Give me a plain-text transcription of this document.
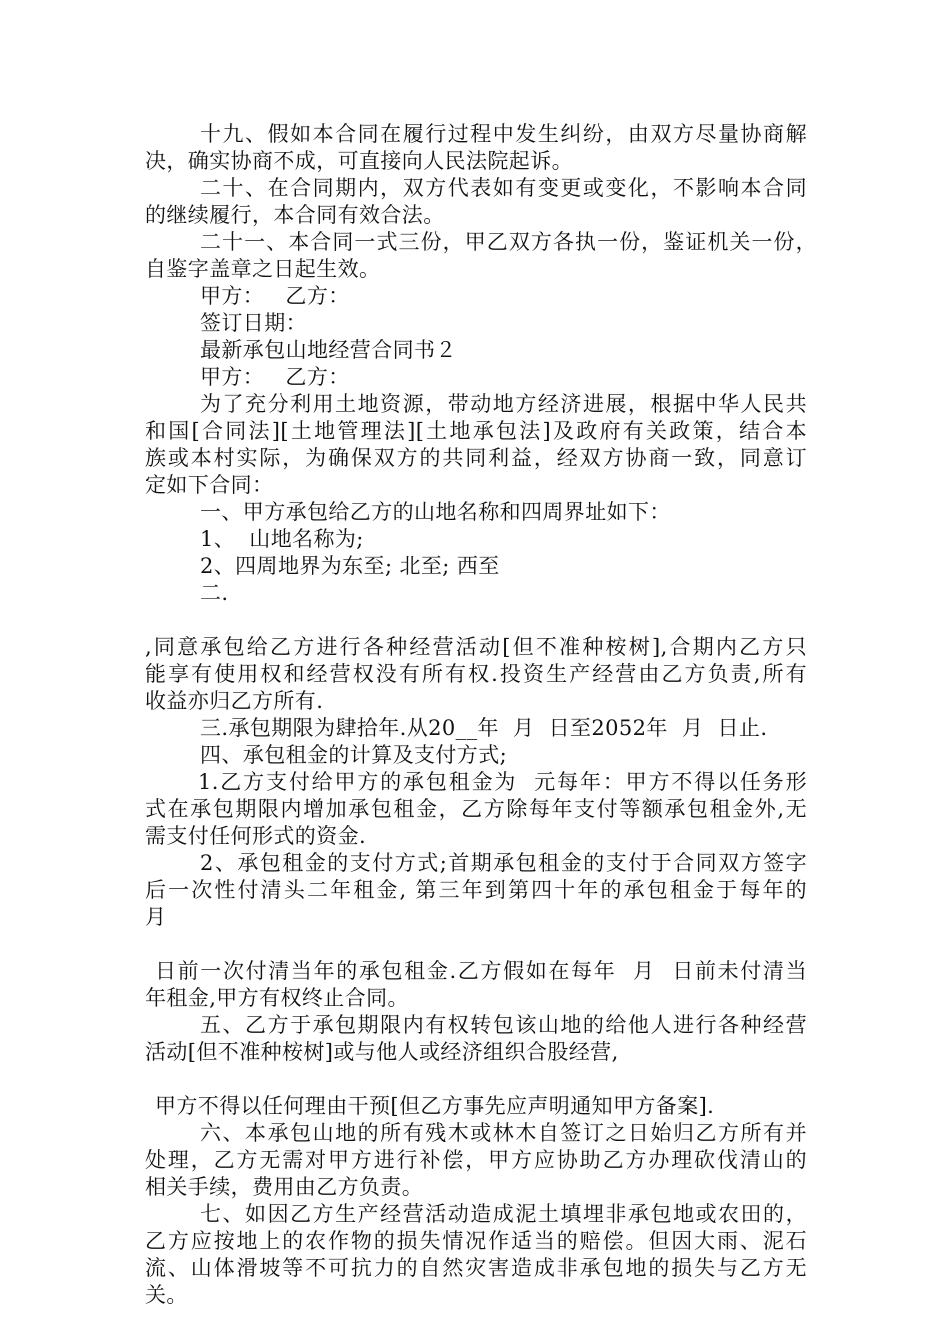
十九、假如本合同在履行过程中发生纠纷，由双方尽量协商解
决，确实协商不成，可直接向人民法院起诉。
二十、在合同期内，双方代表如有变更或变化，不影响本合同
的继续履行，本合同有效合法。
二十一、本合同一式三份，甲乙双方各执一份，鉴证机关一份，
自鉴字盖章之日起生效。
甲方：   乙方：
签订日期：
最新承包山地经营合同书２
甲方：   乙方：
为了充分利用土地资源，带动地方经济进展，根据中华人民共
和国[合同法][土地管理法][土地承包法]及政府有关政策，结合本
族或本村实际，为确保双方的共同利益，经双方协商一致，同意订
定如下合同：
一、甲方承包给乙方的山地名称和四周界址如下：
1、  山地名称为;
2、四周地界为东至; 北至; 西至
二.
,同意承包给乙方进行各种经营活动[但不准种桉树],合期内乙方只
能享有使用权和经营权没有所有权.投资生产经营由乙方负责,所有
收益亦归乙方所有.
三.承包期限为肆拾年.从20__年  月  日至2052年  月  日止.
四、承包租金的计算及支付方式;
1.乙方支付给甲方的承包租金为  元每年：甲方不得以任务形
式在承包期限内增加承包租金，乙方除每年支付等额承包租金外,无
需支付任何形式的资金.
2、承包租金的支付方式;首期承包租金的支付于合同双方签字
后一次性付清头二年租金, 第三年到第四十年的承包租金于每年的
月
日前一次付清当年的承包租金.乙方假如在每年  月  日前未付清当
年租金,甲方有权终止合同。
五、乙方于承包期限内有权转包该山地的给他人进行各种经营
活动[但不准种桉树]或与他人或经济组织合股经营,
甲方不得以任何理由干预[但乙方事先应声明通知甲方备案].
六、本承包山地的所有残木或林木自签订之日始归乙方所有并
处理，乙方无需对甲方进行补偿，甲方应协助乙方办理砍伐清山的
相关手续，费用由乙方负责。
七、如因乙方生产经营活动造成泥土填埋非承包地或农田的，
乙方应按地上的农作物的损失情况作适当的赔偿。但因大雨、泥石
流、山体滑坡等不可抗力的自然灾害造成非承包地的损失与乙方无
关。
